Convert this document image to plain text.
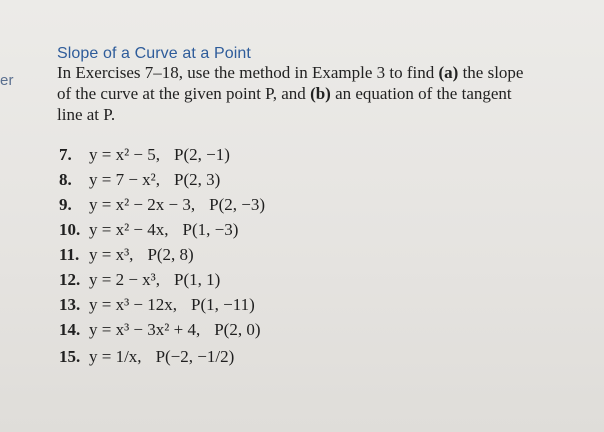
er
Slope of a Curve at a Point
In Exercises 7–18, use the method in Example 3 to find (a) the slope
of the curve at the given point P, and (b) an equation of the tangent
line at P.
7. y = x² − 5, P(2, −1)
8. y = 7 − x², P(2, 3)
9. y = x² − 2x − 3, P(2, −3)
10. y = x² − 4x, P(1, −3)
11. y = x³, P(2, 8)
12. y = 2 − x³, P(1, 1)
13. y = x³ − 12x, P(1, −11)
14. y = x³ − 3x² + 4, P(2, 0)
15. y = 1/x, P(−2, −1/2)
